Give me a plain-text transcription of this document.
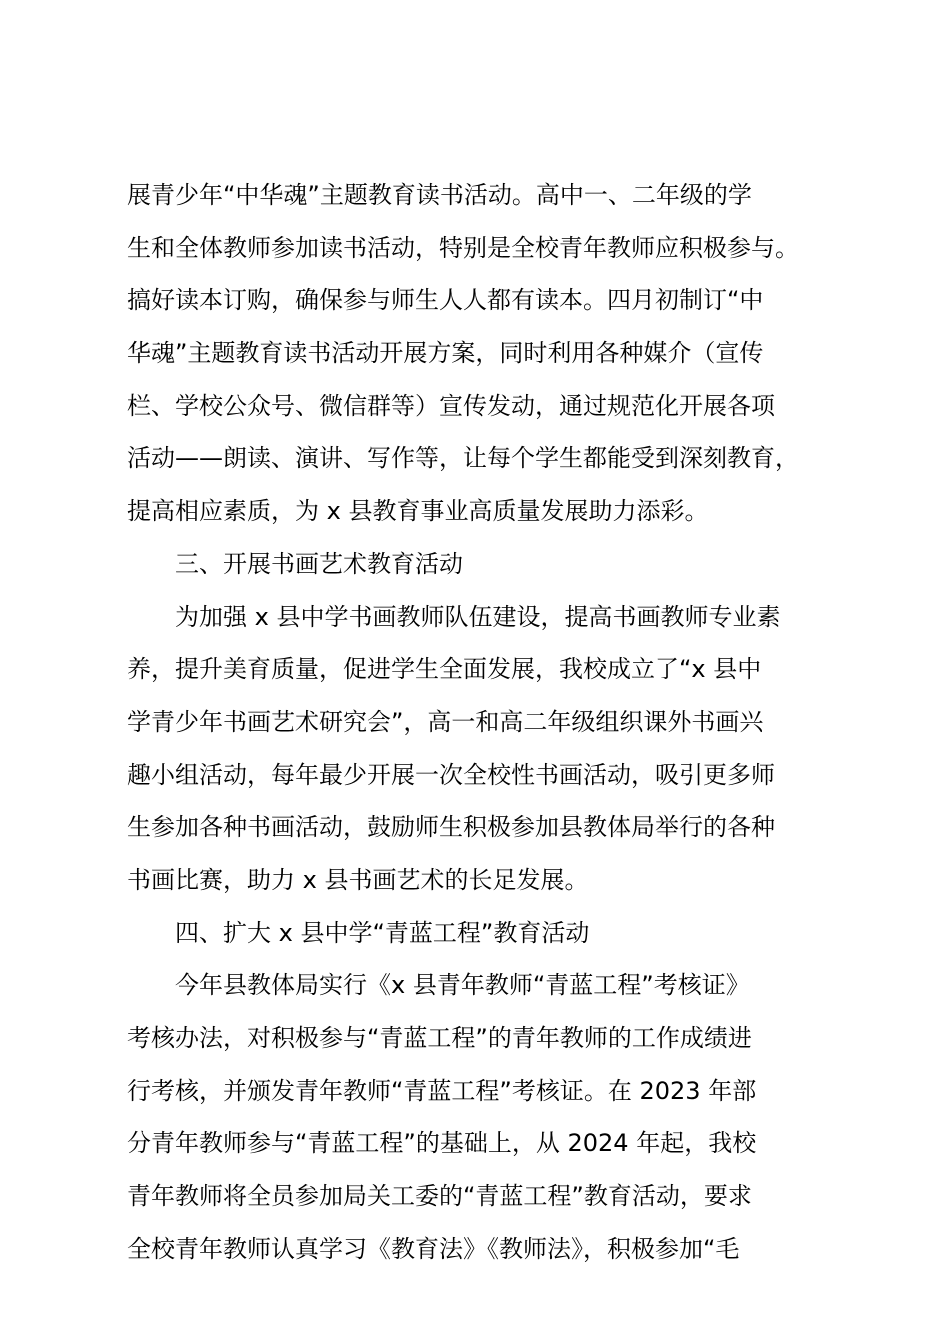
展青少年“中华魂”主题教育读书活动。高中一、二年级的学
生和全体教师参加读书活动，特别是全校青年教师应积极参与。
搞好读本订购，确保参与师生人人都有读本。四月初制订“中
华魂”主题教育读书活动开展方案，同时利用各种媒介（宣传
栏、学校公众号、微信群等）宣传发动，通过规范化开展各项
活动——朗读、演讲、写作等，让每个学生都能受到深刻教育，
提高相应素质，为 x 县教育事业高质量发展助力添彩。
三、开展书画艺术教育活动
为加强 x 县中学书画教师队伍建设，提高书画教师专业素
养，提升美育质量，促进学生全面发展，我校成立了“x 县中
学青少年书画艺术研究会”，高一和高二年级组织课外书画兴
趣小组活动，每年最少开展一次全校性书画活动，吸引更多师
生参加各种书画活动，鼓励师生积极参加县教体局举行的各种
书画比赛，助力 x 县书画艺术的长足发展。
四、扩大 x 县中学“青蓝工程”教育活动
今年县教体局实行《x 县青年教师“青蓝工程”考核证》
考核办法，对积极参与“青蓝工程”的青年教师的工作成绩进
行考核，并颁发青年教师“青蓝工程”考核证。在 2023 年部
分青年教师参与“青蓝工程”的基础上，从 2024 年起，我校
青年教师将全员参加局关工委的“青蓝工程”教育活动，要求
全校青年教师认真学习《教育法》《教师法》，积极参加“毛
